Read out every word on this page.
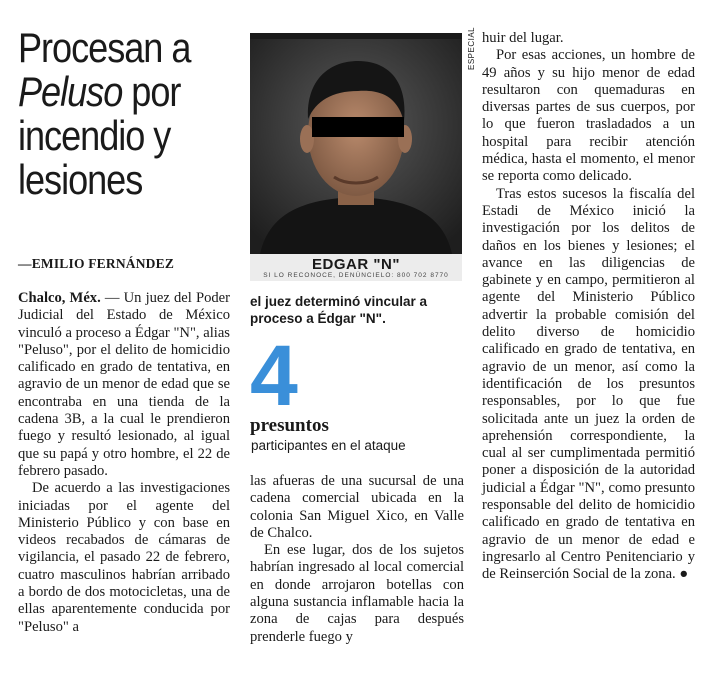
Procesan a
Peluso por
incendio y
lesiones
—EMILIO FERNÁNDEZ

Chalco, Méx. — Un juez del Poder Judicial del Estado de México vinculó a proceso a Édgar "N", alias "Peluso", por el delito de homicidio calificado en grado de tentativa, en agravio de un menor de edad que se encontraba en una tienda de la cadena 3B, a la cual le prendieron fuego y resultó lesionado, al igual que su papá y otro hombre, el 22 de febrero pasado.

De acuerdo a las investigaciones iniciadas por el agente del Ministerio Público y con base en videos recabados de cámaras de vigilancia, el pasado 22 de febrero, cuatro masculinos habrían arribado a bordo de dos motocicletas, una de ellas aparentemente conducida por "Peluso" a

EDGAR "N"
SI LO RECONOCE, DENÚNCIELO: 800 702 8770
el juez determinó vincular a
proceso a Édgar "N".
4
presuntos
participantes en el ataque

las afueras de una sucursal de una cadena comercial ubicada en la colonia San Miguel Xico, en Valle de Chalco.

En ese lugar, dos de los sujetos habrían ingresado al local comercial en donde arrojaron botellas con alguna sustancia inflamable hacia la zona de cajas para después prenderle fuego y

ESPECIAL huir del lugar.

Por esas acciones, un hombre de 49 años y su hijo menor de edad resultaron con quemaduras en diversas partes de sus cuerpos, por lo que fueron trasladados a un hospital para recibir atención médica, hasta el momento, el menor se reporta como delicado.

Tras estos sucesos la fiscalía del Estadi de México inició la investigación por los delitos de daños en los bienes y lesiones; el avance en las diligencias de gabinete y en campo, permitieron al agente del Ministerio Público advertir la probable comisión del delito diverso de homicidio calificado en grado de tentativa, en agravio de un menor, así como la identificación de los presuntos responsables, por lo que fue solicitada ante un juez la orden de aprehensión correspondiente, la cual al ser cumplimentada permitió poner a disposición de la autoridad judicial a Édgar "N", como presunto responsable del delito de homicidio calificado en grado de tentativa en agravio de un menor de edad e ingresarlo al Centro Penitenciario y de Reinserción Social de la zona. ●
